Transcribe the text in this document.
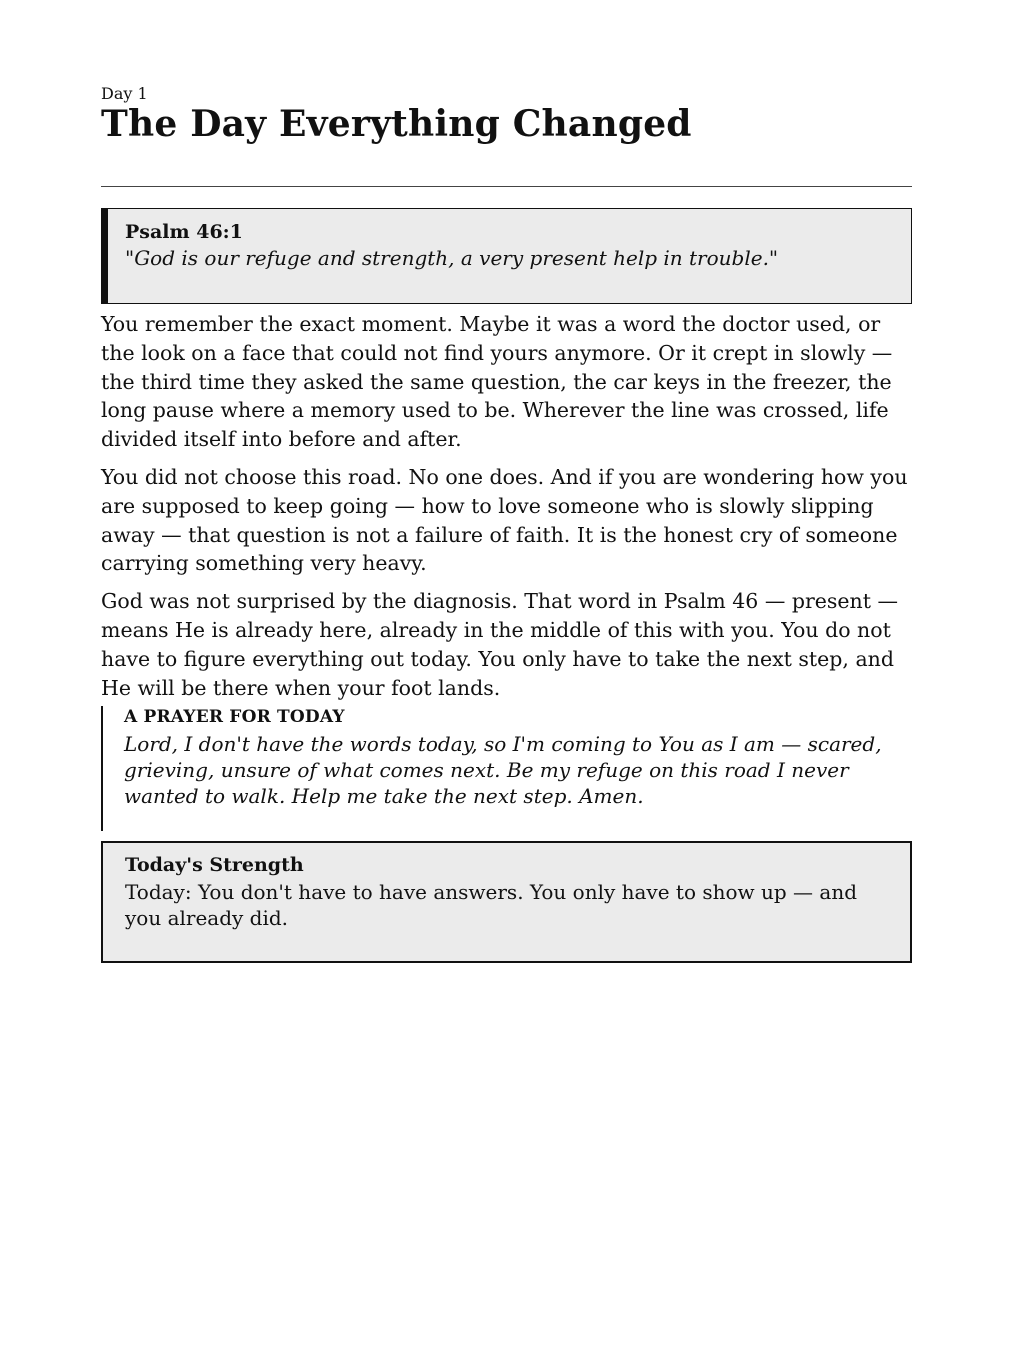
Day 1
The Day Everything Changed
Psalm 46:1
"God is our refuge and strength, a very present help in trouble."

You remember the exact moment. Maybe it was a word the doctor used, or the look on a face that could not find yours anymore. Or it crept in slowly — the third time they asked the same question, the car keys in the freezer, the long pause where a memory used to be. Wherever the line was crossed, life divided itself into before and after.

You did not choose this road. No one does. And if you are wondering how you are supposed to keep going — how to love someone who is slowly slipping away — that question is not a failure of faith. It is the honest cry of someone carrying something very heavy.

God was not surprised by the diagnosis. That word in Psalm 46 — present — means He is already here, already in the middle of this with you. You do not have to figure everything out today. You only have to take the next step, and He will be there when your foot lands.

A PRAYER FOR TODAY
Lord, I don't have the words today, so I'm coming to You as I am — scared, grieving, unsure of what comes next. Be my refuge on this road I never wanted to walk. Help me take the next step. Amen.
Today's Strength
Today: You don't have to have answers. You only have to show up — and you already did.
